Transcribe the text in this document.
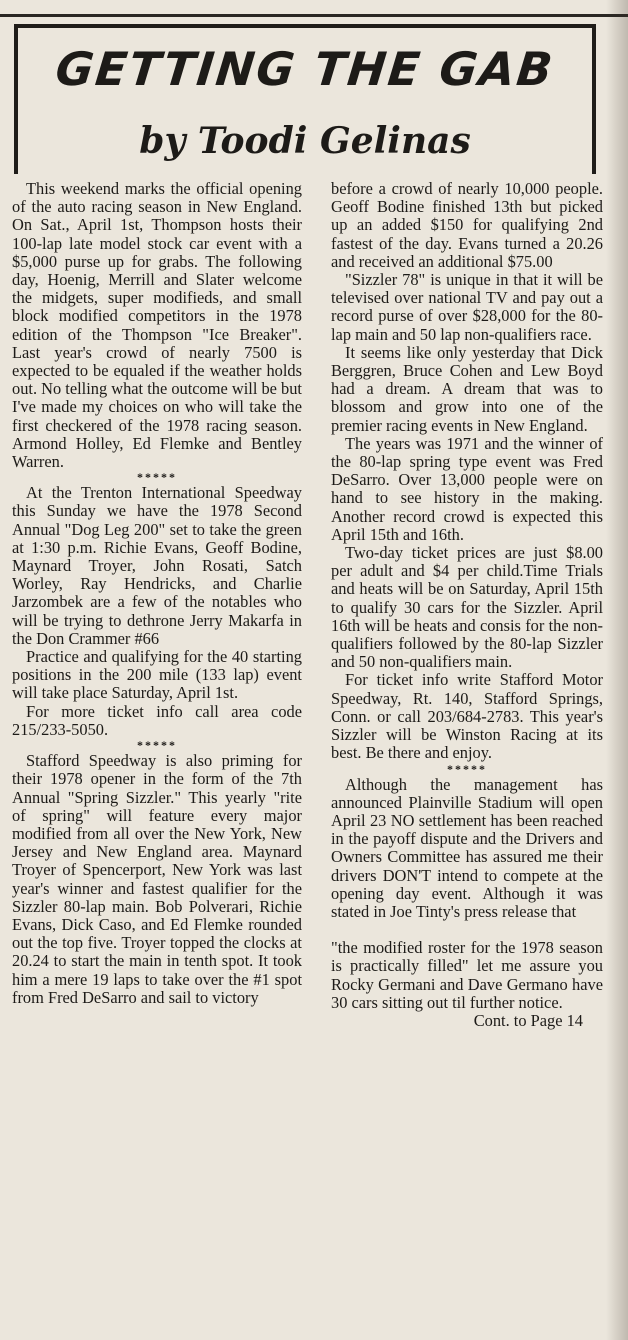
GETTING THE GAB
by Toodi Gelinas

This weekend marks the official opening of the auto racing season in New England. On Sat., April 1st, Thompson hosts their 100-lap late model stock car event with a $5,000 purse up for grabs. The following day, Hoenig, Merrill and Slater welcome the midgets, super modifieds, and small block modified competitors in the 1978 edition of the Thompson "Ice Breaker". Last year's crowd of nearly 7500 is expected to be equaled if the weather holds out. No telling what the outcome will be but I've made my choices on who will take the first checkered of the 1978 racing season. Armond Holley, Ed Flemke and Bentley Warren.

*****

At the Trenton International Speedway this Sunday we have the 1978 Second Annual "Dog Leg 200" set to take the green at 1:30 p.m. Richie Evans, Geoff Bodine, Maynard Troyer, John Rosati, Satch Worley, Ray Hendricks, and Charlie Jarzombek are a few of the notables who will be trying to dethrone Jerry Makarfa in the Don Crammer #66

Practice and qualifying for the 40 starting positions in the 200 mile (133 lap) event will take place Saturday, April 1st.

For more ticket info call area code 215/233-5050.

*****

Stafford Speedway is also priming for their 1978 opener in the form of the 7th Annual "Spring Sizzler." This yearly "rite of spring" will feature every major modified from all over the New York, New Jersey and New England area. Maynard Troyer of Spencerport, New York was last year's winner and fastest qualifier for the Sizzler 80-lap main. Bob Polverari, Richie Evans, Dick Caso, and Ed Flemke rounded out the top five. Troyer topped the clocks at 20.24 to start the main in tenth spot. It took him a mere 19 laps to take over the #1 spot from Fred DeSarro and sail to victory

before a crowd of nearly 10,000 people. Geoff Bodine finished 13th but picked up an added $150 for qualifying 2nd fastest of the day. Evans turned a 20.26 and received an additional $75.00

"Sizzler 78" is unique in that it will be televised over national TV and pay out a record purse of over $28,000 for the 80-lap main and 50 lap non-qualifiers race.

It seems like only yesterday that Dick Berggren, Bruce Cohen and Lew Boyd had a dream. A dream that was to blossom and grow into one of the premier racing events in New England.

The years was 1971 and the winner of the 80-lap spring type event was Fred DeSarro. Over 13,000 people were on hand to see history in the making. Another record crowd is expected this April 15th and 16th.

Two-day ticket prices are just $8.00 per adult and $4 per child.Time Trials and heats will be on Saturday, April 15th to qualify 30 cars for the Sizzler. April 16th will be heats and consis for the non-qualifiers followed by the 80-lap Sizzler and 50 non-qualifiers main.

For ticket info write Stafford Motor Speedway, Rt. 140, Stafford Springs, Conn. or call 203/684-2783. This year's Sizzler will be Winston Racing at its best. Be there and enjoy.

*****

Although the management has announced Plainville Stadium will open April 23 NO settlement has been reached in the payoff dispute and the Drivers and Owners Committee has assured me their drivers DON'T intend to compete at the opening day event. Although it was stated in Joe Tinty's press release that

"the modified roster for the 1978 season is practically filled" let me assure you Rocky Germani and Dave Germano have 30 cars sitting out til further notice.

Cont. to Page 14
